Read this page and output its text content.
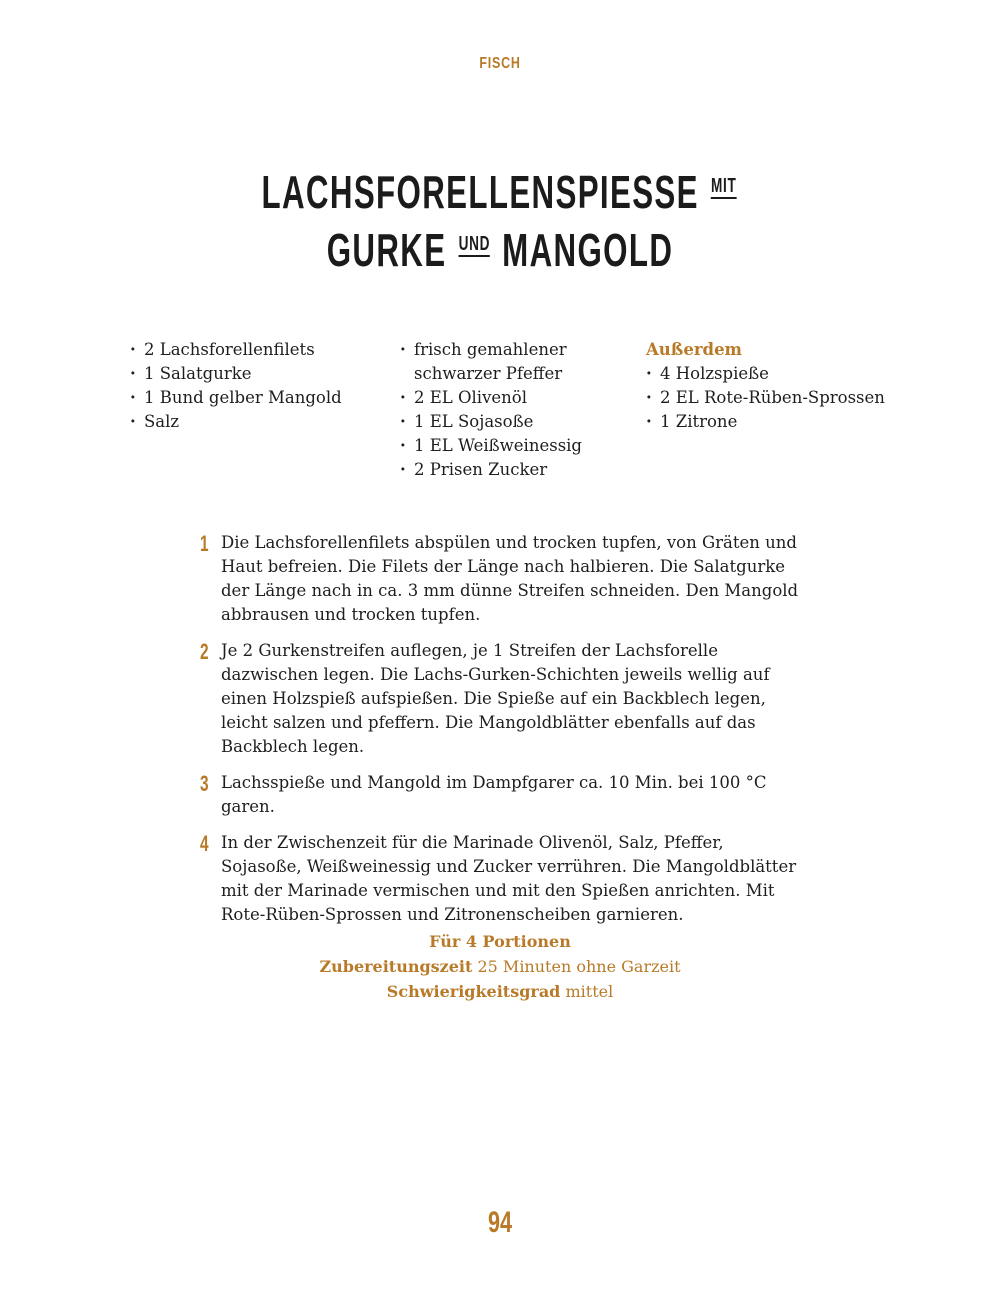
FISCH
LACHSFORELLENSPIESSE MIT
GURKE UND MANGOLD
· 2 Lachsforellenfilets
· 1 Salatgurke
· 1 Bund gelber Mangold
· Salz
· frisch gemahlener schwarzer Pfeffer
· 2 EL Olivenöl
· 1 EL Sojasoße
· 1 EL Weißweinessig
· 2 Prisen Zucker
Außerdem
· 4 Holzspieße
· 2 EL Rote-Rüben-Sprossen
· 1 Zitrone
1 Die Lachsforellenfilets abspülen und trocken tupfen, von Gräten und Haut befreien. Die Filets der Länge nach halbieren. Die Salatgurke der Länge nach in ca. 3 mm dünne Streifen schneiden. Den Mangold abbrausen und trocken tupfen.
2 Je 2 Gurkenstreifen auflegen, je 1 Streifen der Lachsforelle dazwischen legen. Die Lachs-Gurken-Schichten jeweils wellig auf einen Holzspieß aufspießen. Die Spieße auf ein Backblech legen, leicht salzen und pfeffern. Die Mangoldblätter ebenfalls auf das Backblech legen.
3 Lachsspieße und Mangold im Dampfgarer ca. 10 Min. bei 100 °C garen.
4 In der Zwischenzeit für die Marinade Olivenöl, Salz, Pfeffer, Sojasoße, Weißweinessig und Zucker verrühren. Die Mangoldblätter mit der Marinade vermischen und mit den Spießen anrichten. Mit Rote-Rüben-Sprossen und Zitronenscheiben garnieren.
Für 4 Portionen
Zubereitungszeit 25 Minuten ohne Garzeit
Schwierigkeitsgrad mittel
94
